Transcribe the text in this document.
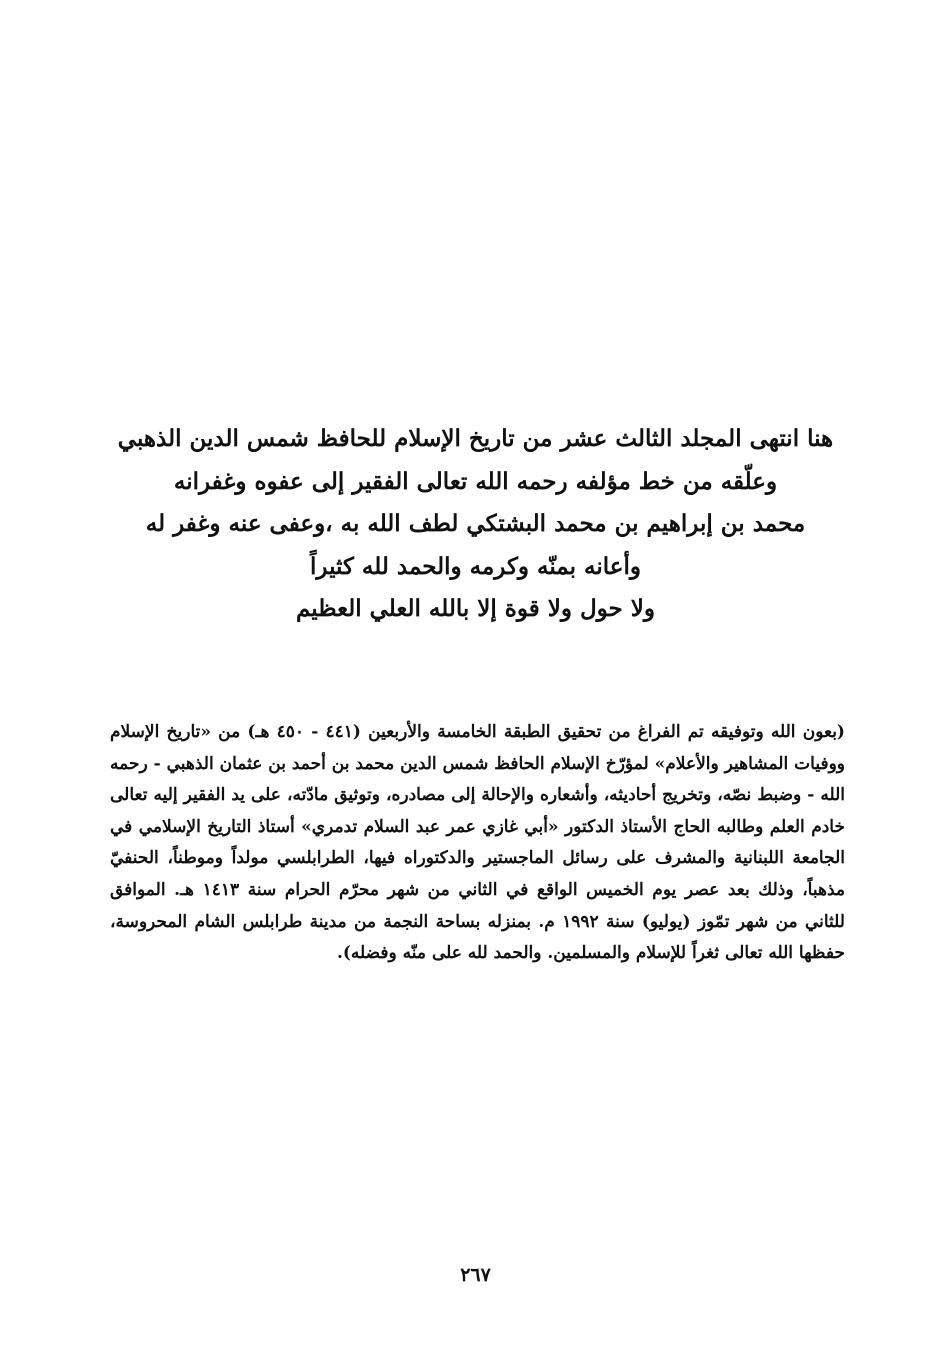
هنا انتهى المجلد الثالث عشر من تاريخ الإسلام للحافظ شمس الدين الذهبي
وعلّقه من خط مؤلفه رحمه الله تعالى الفقير إلى عفوه وغفرانه
محمد بن إبراهيم بن محمد البشتكي لطف الله به ،وعفى عنه وغفر له
وأعانه بمنّه وكرمه والحمد لله كثيراً
ولا حول ولا قوة إلا بالله العلي العظيم

(بعون الله وتوفيقه تم الفراغ من تحقيق الطبقة الخامسة والأربعين (٤٤١ - ٤٥٠ هـ) من «تاريخ الإسلام ووفيات المشاهير والأعلام» لمؤرّخ الإسلام الحافظ شمس الدين محمد بن أحمد بن عثمان الذهبي - رحمه الله - وضبط نصّه، وتخريج أحاديثه، وأشعاره والإحالة إلى مصادره، وتوثيق مادّته، على يد الفقير إليه تعالى خادم العلم وطالبه الحاج الأستاذ الدكتور «أبي غازي عمر عبد السلام تدمري» أستاذ التاريخ الإسلامي في الجامعة اللبنانية والمشرف على رسائل الماجستير والدكتوراه فيها، الطرابلسي مولداً وموطناً، الحنفيّ مذهباً، وذلك بعد عصر يوم الخميس الواقع في الثاني من شهر محرّم الحرام سنة ١٤١٣ هـ. الموافق للثاني من شهر تمّوز (يوليو) سنة ١٩٩٢ م. بمنزله بساحة النجمة من مدينة طرابلس الشام المحروسة، حفظها الله تعالى ثغراً للإسلام والمسلمين. والحمد لله على منّه وفضله).

٢٦٧
